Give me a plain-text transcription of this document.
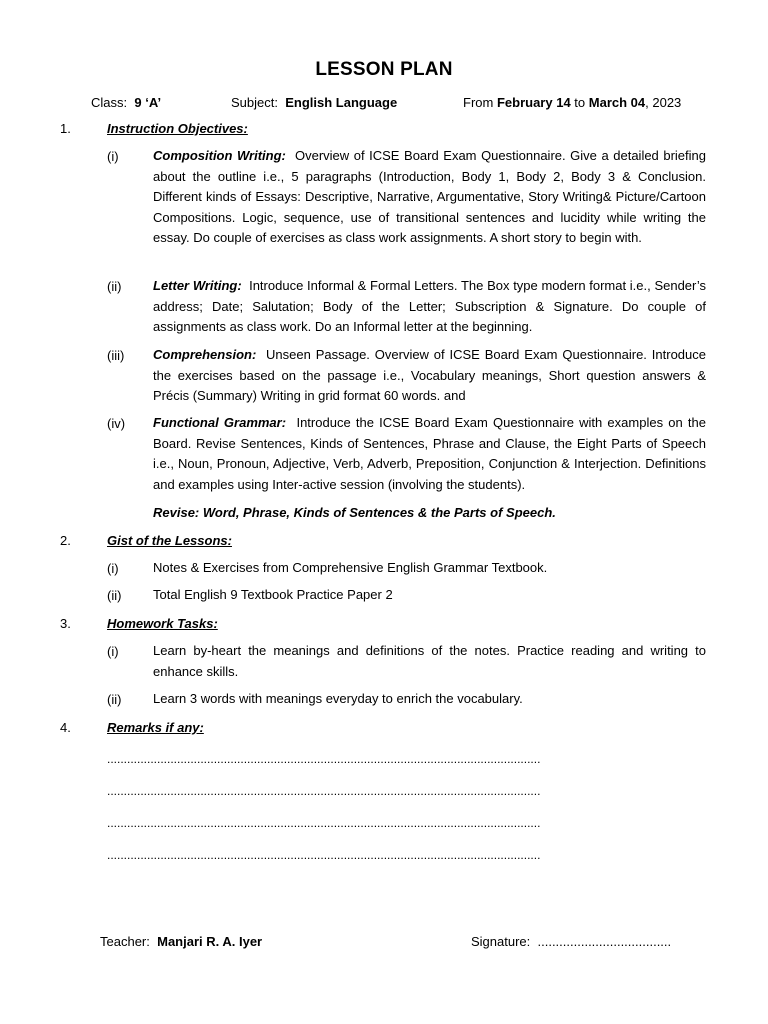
LESSON PLAN
Class: 9 ‘A’	Subject: English Language	From February 14 to March 04, 2023
1.	Instruction Objectives:
(i)	Composition Writing: Overview of ICSE Board Exam Questionnaire. Give a detailed briefing about the outline i.e., 5 paragraphs (Introduction, Body 1, Body 2, Body 3 & Conclusion. Different kinds of Essays: Descriptive, Narrative, Argumentative, Story Writing& Picture/Cartoon Compositions. Logic, sequence, use of transitional sentences and lucidity while writing the essay. Do couple of exercises as class work assignments. A short story to begin with.
(ii) Letter Writing: Introduce Informal & Formal Letters. The Box type modern format i.e., Sender’s address; Date; Salutation; Body of the Letter; Subscription & Signature. Do couple of assignments as class work. Do an Informal letter at the beginning.
(iii) Comprehension: Unseen Passage. Overview of ICSE Board Exam Questionnaire. Introduce the exercises based on the passage i.e., Vocabulary meanings, Short question answers & Précis (Summary) Writing in grid format 60 words. and
(iv) Functional Grammar: Introduce the ICSE Board Exam Questionnaire with examples on the Board. Revise Sentences, Kinds of Sentences, Phrase and Clause, the Eight Parts of Speech i.e., Noun, Pronoun, Adjective, Verb, Adverb, Preposition, Conjunction & Interjection. Definitions and examples using Inter-active session (involving the students).
Revise: Word, Phrase, Kinds of Sentences & the Parts of Speech.
2.	Gist of the Lessons:
(i)	Notes & Exercises from Comprehensive English Grammar Textbook.
(ii) Total English 9 Textbook Practice Paper 2
3.	Homework Tasks:
(i)	Learn by-heart the meanings and definitions of the notes. Practice reading and writing to enhance skills.
(ii) Learn 3 words with meanings everyday to enrich the vocabulary.
4.	Remarks if any:
..................................................................................................................................
..................................................................................................................................
..................................................................................................................................
..................................................................................................................................
Teacher: Manjari R. A. Iyer	Signature: .....................................
